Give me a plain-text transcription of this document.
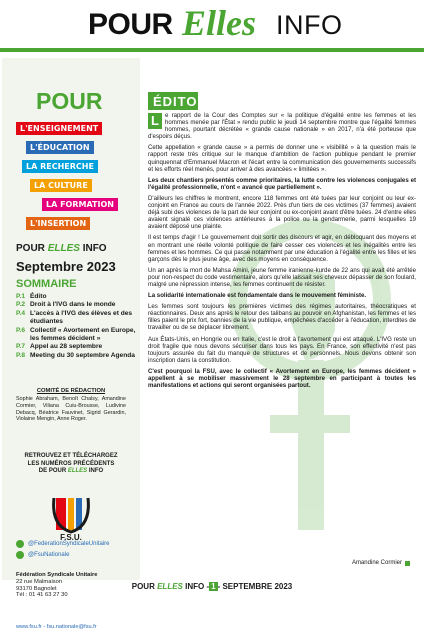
POUR Elles INFO
POUR
L'ENSEIGNEMENT
L'ÉDUCATION
LA RECHERCHE
LA CULTURE
LA FORMATION
L'INSERTION
POUR ELLES INFO
Septembre 2023
SOMMAIRE
P.1 Édito
P.2 Droit à l'IVG dans le monde
P.4 L'accès à l'IVG des élèves et des étudiantes
P.6 Collectif « Avortement en Europe, les femmes décident »
P.7 Appel au 28 septembre
P.8 Meeting du 30 septembre Agenda
COMITÉ DE RÉDACTION
Sophie Abraham, Benoît Chalsy, Amandine Cormier, Viliana Cuiu-Brousse, Ludivine Debacq, Béatrice Fauvinet, Sigrid Gerardin, Violaine Mengin, Anne Roger.
RETROUVEZ ET TÉLÉCHARGEZ
LES NUMÉROS PRÉCÉDENTS
DE POUR ELLES INFO
F.S.U.
@FederationSyndicaleUnitaire
@FsuNationale
Fédération Syndicale Unitaire
22 rue Malmaison
93170 Bagnolet
Tél : 01 41 63 27 30
www.fsu.fr - fsu.nationale@fsu.fr
ÉDITO

L e rapport de la Cour des Comptes sur « la politique d'égalité entre les femmes et les hommes menée par l'État » rendu public le jeudi 14 septembre montre que l'égalité femmes hommes, pourtant décrétée « grande cause nationale » en 2017, n'a été porteuse que d'espoirs déçus.

Cette appellation « grande cause » a permis de donner une « visibilité » à la question mais le rapport reste très critique sur le manque d'ambition de l'action publique pendant le premier quinquennat d'Emmanuel Macron et l'écart entre la communication des gouvernements successifs et les efforts réel menés, pour arriver à des avancées « limitées ».

Les deux chantiers présentés comme prioritaires, la lutte contre les violences conjugales et l'égalité professionnelle, n'ont « avancé que partiellement ».

D'ailleurs les chiffres le montrent, encore 118 femmes ont été tuées par leur conjoint ou leur ex-conjoint en France au cours de l'année 2022. Près d'un tiers de ces victimes (37 femmes) avaient déjà subi des violences de la part de leur conjoint ou ex-conjoint avant d'être tuées. 24 d'entre elles avaient signalé ces violences antérieures à la police ou la gendarmerie, parmi lesquelles 19 avaient déposé une plainte.

Il est temps d'agir ! Le gouvernement doit sortir des discours et agir, en débloquant des moyens et en montrant une réelle volonté politique de faire cesser ces violences et les inégalités entre les femmes et les hommes. Ce qui passe notamment par une éducation à l'égalité entre les filles et les garçons dès le plus jeune âge, avec des moyens en conséquence.

Un an après la mort de Mahsa Amini, jeune femme iranienne-kurde de 22 ans qui avait été arrêtée pour non-respect du code vestimentaire, alors qu'elle laissait ses cheveux dépasser de son foulard, malgré une répression intense, les femmes continuent de résister.

La solidarité internationale est fondamentale dans le mouvement féministe.

Les femmes sont toujours les premières victimes des régimes autoritaires, théocratiques et réactionnaires. Deux ans après le retour des talibans au pouvoir en Afghanistan, les femmes et les filles paient le prix fort, bannies de la vie publique, empêchées d'accéder à l'éducation, interdites de travailler ou de se déplacer librement.

Aux États-Unis, en Hongrie ou en Italie, c'est le droit à l'avortement qui est attaqué. L'IVG reste un droit fragile que nous devons sécuriser dans tous les pays. En France, son effectivité n'est pas toujours assurée du fait du manque de structures et de personnels. Nous devons obtenir son inscription dans la constitution.

C'est pourquoi la FSU, avec le collectif « Avortement en Europe, les femmes décident » appellent à se mobiliser massivement le 28 septembre en participant à toutes les manifestations et actions qui seront organisées partout.

Amandine Cormier
POUR ELLES INFO - 1 - SEPTEMBRE 2023
